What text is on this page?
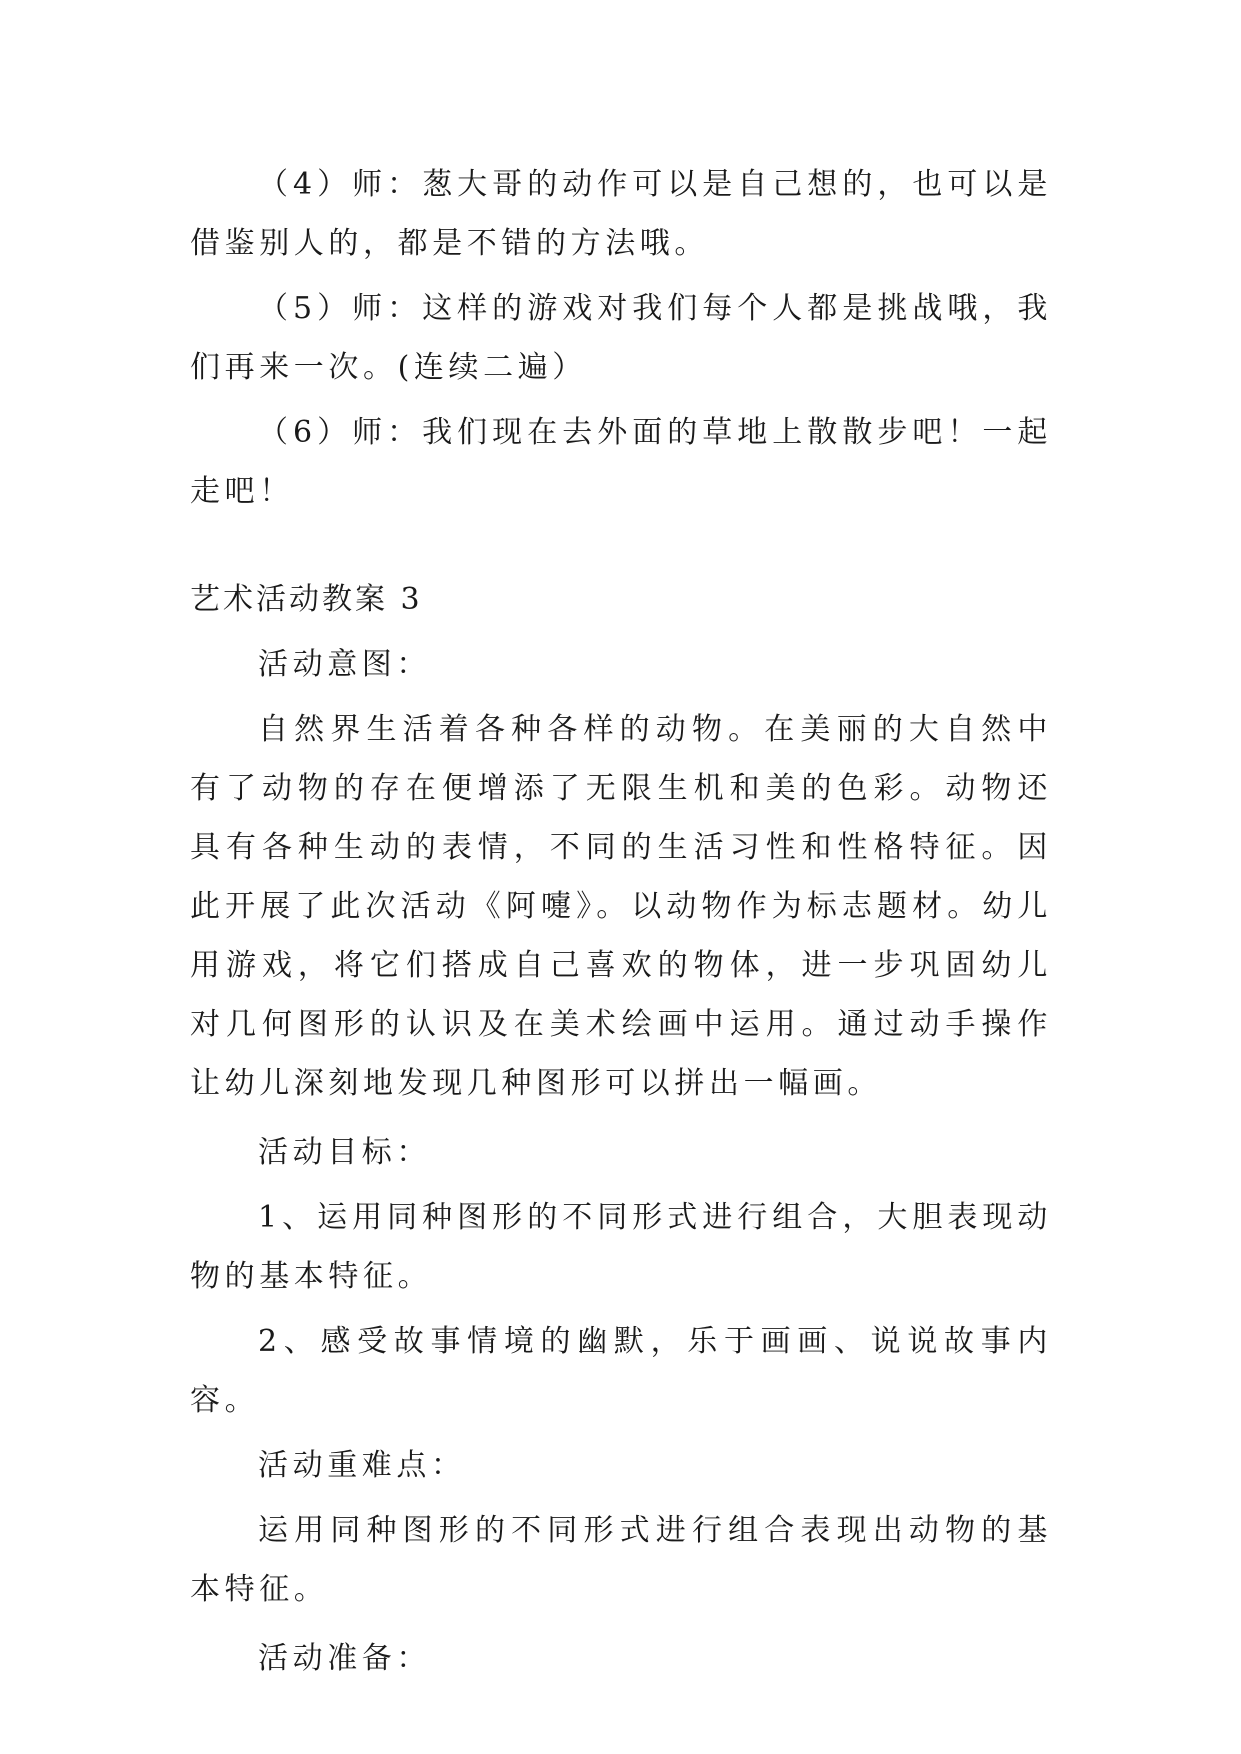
（4）师：葱大哥的动作可以是自己想的，也可以是借鉴别人的，都是不错的方法哦。

（5）师：这样的游戏对我们每个人都是挑战哦，我们再来一次。(连续二遍）

（6）师：我们现在去外面的草地上散散步吧！一起走吧！

艺术活动教案 3

活动意图：

自然界生活着各种各样的动物。在美丽的大自然中有了动物的存在便增添了无限生机和美的色彩。动物还具有各种生动的表情，不同的生活习性和性格特征。因此开展了此次活动《阿嚏》。以动物作为标志题材。幼儿用游戏，将它们搭成自己喜欢的物体，进一步巩固幼儿对几何图形的认识及在美术绘画中运用。通过动手操作让幼儿深刻地发现几种图形可以拼出一幅画。

活动目标：

1、运用同种图形的不同形式进行组合，大胆表现动物的基本特征。

2、感受故事情境的幽默，乐于画画、说说故事内容。

活动重难点：

运用同种图形的不同形式进行组合表现出动物的基本特征。

活动准备：
